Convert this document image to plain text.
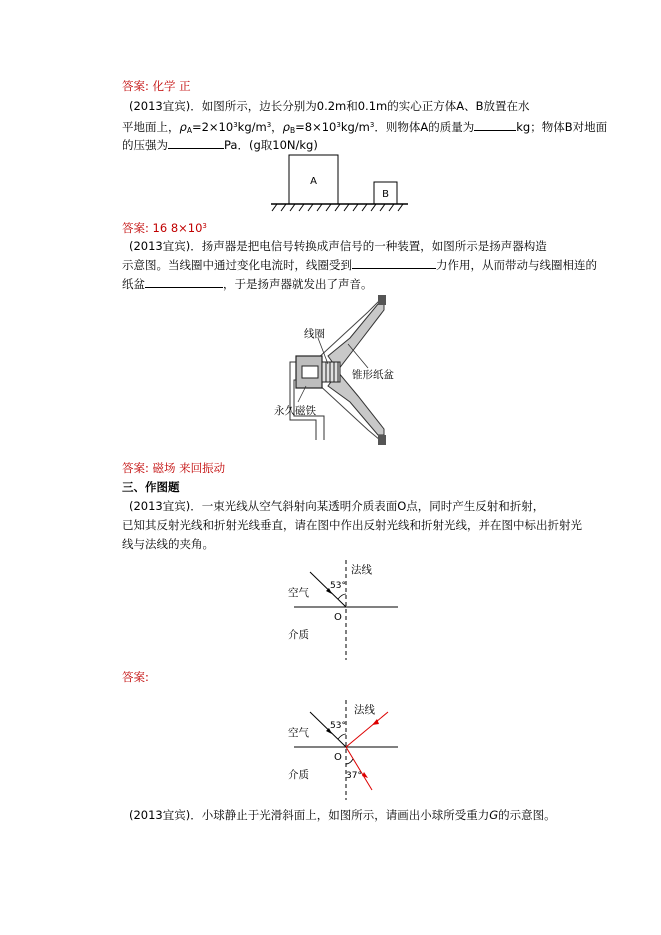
答案: 化学 正
(2013宜宾)．如图所示，边长分别为0.2m和0.1m的实心正方体A、B放置在水
平地面上，$\rho_A=2\times 10^3kg/m^3$，$\rho_B=8\times 10^3kg/m^3$．则物体A的质量为	kg；物体B对地面
的压强为	Pa．(g取10N/kg)
A
B
答案: 16 $8\times 10^3$
(2013宜宾)．扬声器是把电信号转换成声信号的一种装置，如图所示是扬声器构造
示意图。当线圈中通过变化电流时，线圈受到	力作用，从而带动与线圈相连的
纸盆	，于是扬声器就发出了声音。
线圈
锥形纸盆
永久磁铁
答案: 磁场 来回振动
三、作图题
(2013宜宾)．一束光线从空气斜射向某透明介质表面O点，同时产生反射和折射，
已知其反射光线和折射光线垂直，请在图中作出反射光线和折射光线，并在图中标出折射光
线与法线的夹角。
法线
空气
53°
O
介质
答案:
法线
空气
53°
O
37°
介质
(2013宜宾)．小球静止于光滑斜面上，如图所示，请画出小球所受重力G的示意图。
